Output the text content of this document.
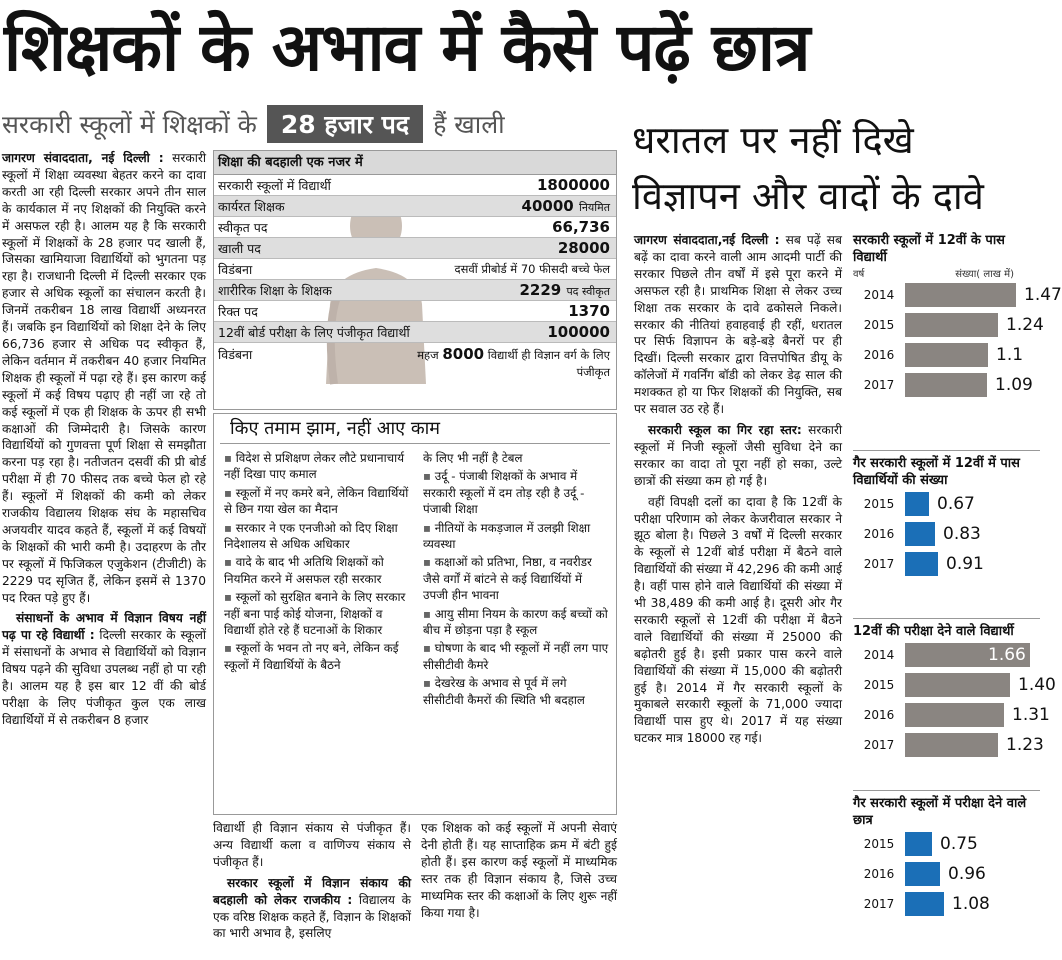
शिक्षकों के अभाव में कैसे पढ़ें छात्र
सरकारी स्कूलों में शिक्षकों के 28 हजार पद हैं खाली	धरातल पर नहीं दिखे
विज्ञापन और वादों के दावे

जागरण संवाददाता, नई दिल्ली : सरकारी स्कूलों में शिक्षा व्यवस्था बेहतर करने का दावा करती आ रही दिल्ली सरकार अपने तीन साल के कार्यकाल में नए शिक्षकों की नियुक्ति करने में असफल रही है। आलम यह है कि सरकारी स्कूलों में शिक्षकों के 28 हजार पद खाली हैं, जिसका खामियाजा विद्यार्थियों को भुगतना पड़ रहा है। राजधानी दिल्ली में दिल्ली सरकार एक हजार से अधिक स्कूलों का संचालन करती है। जिनमें तकरीबन 18 लाख विद्यार्थी अध्यनरत हैं। जबकि इन विद्यार्थियों को शिक्षा देने के लिए 66,736 हजार से अधिक पद स्वीकृत हैं, लेकिन वर्तमान में तकरीबन 40 हजार नियमित शिक्षक ही स्कूलों में पढ़ा रहे हैं। इस कारण कई स्कूलों में कई विषय पढ़ाए ही नहीं जा रहे तो कई स्कूलों में एक ही शिक्षक के ऊपर ही सभी कक्षाओं की जिम्मेदारी है। जिसके कारण विद्यार्थियों को गुणवत्ता पूर्ण शिक्षा से समझौता करना पड़ रहा है। नतीजतन दसवीं की प्री बोर्ड परीक्षा में ही 70 फीसद तक बच्चे फेल हो रहे हैं। स्कूलों में शिक्षकों की कमी को लेकर राजकीय विद्यालय शिक्षक संघ के महासचिव अजयवीर यादव कहते हैं, स्कूलों में कई विषयों के शिक्षकों की भारी कमी है। उदाहरण के तौर पर स्कूलों में फिजिकल एजुकेशन (टीजीटी) के 2229 पद सृजित हैं, लेकिन इसमें से 1370 पद रिक्त पड़े हुए हैं।

संसाधनों के अभाव में विज्ञान विषय नहीं पढ़ पा रहे विद्यार्थी : दिल्ली सरकार के स्कूलों में संसाधनों के अभाव से विद्यार्थियों को विज्ञान विषय पढ़ने की सुविधा उपलब्ध नहीं हो पा रही है। आलम यह है इस बार 12 वीं की बोर्ड परीक्षा के लिए पंजीकृत कुल एक लाख विद्यार्थियों में से तकरीबन 8 हजार

शिक्षा की बदहाली एक नजर में
सरकारी स्कूलों में विद्यार्थी	1800000
कार्यरत शिक्षक	40000 नियमित
स्वीकृत पद	66,736
खाली पद	28000
विडंबना	दसवीं प्रीबोर्ड में 70 फीसदी बच्चे फेल
शारीरिक शिक्षा के शिक्षक	2229 पद स्वीकृत
रिक्त पद	1370
12वीं बोर्ड परीक्षा के लिए पंजीकृत विद्यार्थी	100000
विडंबना	महज 8000 विद्यार्थी ही विज्ञान वर्ग के लिए पंजीकृत
किए तमाम झाम, नहीं आए काम
▪ विदेश से प्रशिक्षण लेकर लौटे प्रधानाचार्य नहीं दिखा पाए कमाल
▪ स्कूलों में नए कमरे बने, लेकिन विद्यार्थियों से छिन गया खेल का मैदान
▪ सरकार ने एक एनजीओ को दिए शिक्षा निदेशालय से अधिक अधिकार
▪ वादे के बाद भी अतिथि शिक्षकों को नियमित करने में असफल रही सरकार
▪ स्कूलों को सुरक्षित बनाने के लिए सरकार नहीं बना पाई कोई योजना, शिक्षकों व विद्यार्थी होते रहे हैं घटनाओं के शिकार
▪ स्कूलों के भवन तो नए बने, लेकिन कई स्कूलों में विद्यार्थियों के बैठने
के लिए भी नहीं है टेबल
▪ उर्दू - पंजाबी शिक्षकों के अभाव में सरकारी स्कूलों में दम तोड़ रही है उर्दू - पंजाबी शिक्षा
▪ नीतियों के मकड़जाल में उलझी शिक्षा व्यवस्था
▪ कक्षाओं को प्रतिभा, निष्ठा, व नवरीडर जैसे वर्गों में बांटने से कई विद्यार्थियों में उपजी हीन भावना
▪ आयु सीमा नियम के कारण कई बच्चों को बीच में छोड़ना पड़ा है स्कूल
▪ घोषणा के बाद भी स्कूलों में नहीं लग पाए सीसीटीवी कैमरे
▪ देखरेख के अभाव से पूर्व में लगे सीसीटीवी कैमरों की स्थिति भी बदहाल

विद्यार्थी ही विज्ञान संकाय से पंजीकृत हैं। अन्य विद्यार्थी कला व वाणिज्य संकाय से पंजीकृत हैं।

सरकार स्कूलों में विज्ञान संकाय की बदहाली को लेकर राजकीय : विद्यालय के एक वरिष्ठ शिक्षक कहते हैं, विज्ञान के शिक्षकों का भारी अभाव है, इसलिए

एक शिक्षक को कई स्कूलों में अपनी सेवाएं देनी होती हैं। यह साप्ताहिक क्रम में बंटी हुई होती हैं। इस कारण कई स्कूलों में माध्यमिक स्तर तक ही विज्ञान संकाय है, जिसे उच्च माध्यमिक स्तर की कक्षाओं के लिए शुरू नहीं किया गया है।

जागरण संवाददाता,नई दिल्ली : सब पढ़ें सब बढ़ें का दावा करने वाली आम आदमी पार्टी की सरकार पिछले तीन वर्षों में इसे पूरा करने में असफल रही है। प्राथमिक शिक्षा से लेकर उच्च शिक्षा तक सरकार के दावे ढकोसले निकले। सरकार की नीतियां हवाहवाई ही रहीं, धरातल पर सिर्फ विज्ञापन के बड़े-बड़े बैनरों पर ही दिखीं। दिल्ली सरकार द्वारा वित्तपोषित डीयू के कॉलेजों में गवर्निंग बॉडी को लेकर डेढ़ साल की मशक्कत हो या फिर शिक्षकों की नियुक्ति, सब पर सवाल उठ रहे हैं।

सरकारी स्कूल का गिर रहा स्तर: सरकारी स्कूलों में निजी स्कूलों जैसी सुविधा देने का सरकार का वादा तो पूरा नहीं हो सका, उल्टे छात्रों की संख्या कम हो गई है।

वहीं विपक्षी दलों का दावा है कि 12वीं के परीक्षा परिणाम को लेकर केजरीवाल सरकार ने झूठ बोला है। पिछले 3 वर्षों में दिल्ली सरकार के स्कूलों से 12वीं बोर्ड परीक्षा में बैठने वाले विद्यार्थियों की संख्या में 42,296 की कमी आई है। वहीं पास होने वाले विद्यार्थियों की संख्या में भी 38,489 की कमी आई है। दूसरी ओर गैर सरकारी स्कूलों से 12वीं की परीक्षा में बैठने वाले विद्यार्थियों की संख्या में 25000 की बढ़ोतरी हुई है। इसी प्रकार पास करने वाले विद्यार्थियों की संख्या में 15,000 की बढ़ोतरी हुई है। 2014 में गैर सरकारी स्कूलों के मुकाबले सरकारी स्कूलों के 71,000 ज्यादा विद्यार्थी पास हुए थे। 2017 में यह संख्या घटकर मात्र 18000 रह गई।

सरकारी स्कूलों में 12वीं के पास विद्यार्थी
वर्ष	संख्या( लाख में)
2014	1.47
2015	1.24
2016	1.1
2017	1.09
गैर सरकारी स्कूलों में 12वीं में पास विद्यार्थियों की संख्या
2015	0.67
2016	0.83
2017	0.91
12वीं की परीक्षा देने वाले विद्यार्थी
2014	1.66
2015	1.40
2016	1.31
2017	1.23
गैर सरकारी स्कूलों में परीक्षा देने वाले छात्र
2015	0.75
2016	0.96
2017	1.08
